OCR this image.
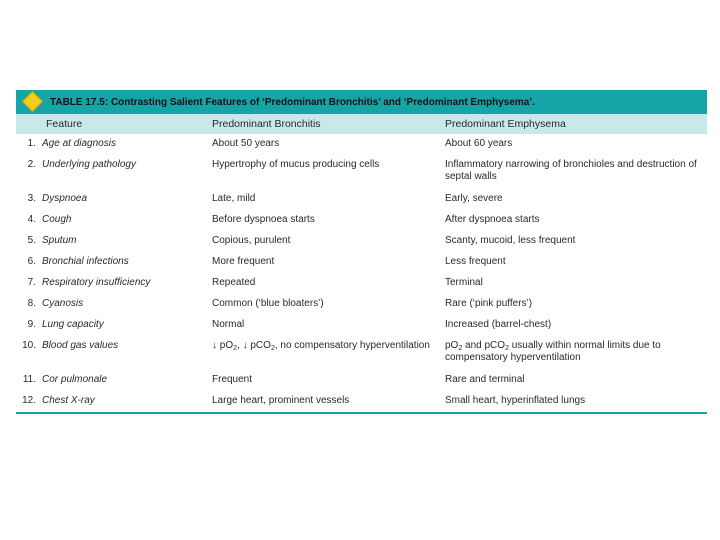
TABLE 17.5: Contrasting Salient Features of ‘Predominant Bronchitis’ and ‘Predominant Emphysema’.
Feature	Predominant Bronchitis	Predominant Emphysema
1. Age at diagnosis	About 50 years	About 60 years
2. Underlying pathology	Hypertrophy of mucus producing cells	Inflammatory narrowing of bronchioles and destruction of septal walls
3. Dyspnoea	Late, mild	Early, severe
4. Cough	Before dyspnoea starts	After dyspnoea starts
5. Sputum	Copious, purulent	Scanty, mucoid, less frequent
6. Bronchial infections	More frequent	Less frequent
7. Respiratory insufficiency	Repeated	Terminal
8. Cyanosis	Common (‘blue bloaters’)	Rare (‘pink puffers’)
9. Lung capacity	Normal	Increased (barrel-chest)
10. Blood gas values	↓ $pO_2$, ↓ pCO$_2$, no compensatory hyperventilation	$pO_2$ and pCO$_2$ usually within normal limits due to compensatory hyperventilation
11. Cor pulmonale	Frequent	Rare and terminal
12. Chest X-ray	Large heart, prominent vessels	Small heart, hyperinflated lungs
